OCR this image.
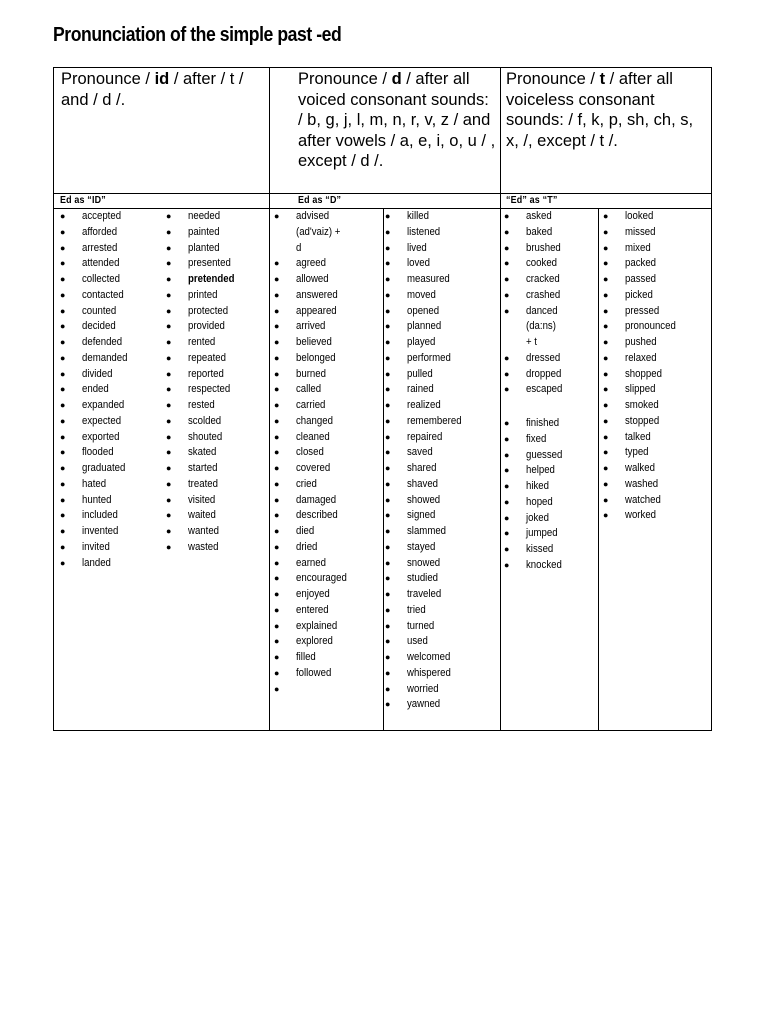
Pronunciation of the simple past -ed
Pronounce / id / after / t / and / d /.
Pronounce / d / after all voiced consonant sounds: / b, g, j, l, m, n, r, v, z / and after vowels / a, e, i, o, u / , except / d /.
Pronounce / t / after all voiceless consonant sounds: / f, k, p, sh, ch, s, x, /, except / t /.
Ed as “ID”	Ed as “D”	“Ed” as “T”
● accepted
● afforded
● arrested
● attended
● collected
● contacted
● counted
● decided
● defended
● demanded
● divided
● ended
● expanded
● expected
● exported
● flooded
● graduated
● hated
● hunted
● included
● invented
● invited
● landed
● needed
● painted
● planted
● presented
● pretended
● printed
● protected
● provided
● rented
● repeated
● reported
● respected
● rested
● scolded
● shouted
● skated
● started
● treated
● visited
● waited
● wanted
● wasted
● advised
(ad'vaiz) +
d
● agreed
● allowed
● answered
● appeared
● arrived
● believed
● belonged
● burned
● called
● carried
● changed
● cleaned
● closed
● covered
● cried
● damaged
● described
● died
● dried
● earned
● encouraged
● enjoyed
● entered
● explained
● explored
● filled
● followed
●
● killed
● listened
● lived
● loved
● measured
● moved
● opened
● planned
● played
● performed
● pulled
● rained
● realized
● remembered
● repaired
● saved
● shared
● shaved
● showed
● signed
● slammed
● stayed
● snowed
● studied
● traveled
● tried
● turned
● used
● welcomed
● whispered
● worried
● yawned
● asked
● baked
● brushed
● cooked
● cracked
● crashed
● danced
(da:ns)
+ t
● dressed
● dropped
● escaped
● finished
● fixed
● guessed
● helped
● hiked
● hoped
● joked
● jumped
● kissed
● knocked
● looked
● missed
● mixed
● packed
● passed
● picked
● pressed
● pronounced
● pushed
● relaxed
● shopped
● slipped
● smoked
● stopped
● talked
● typed
● walked
● washed
● watched
● worked
